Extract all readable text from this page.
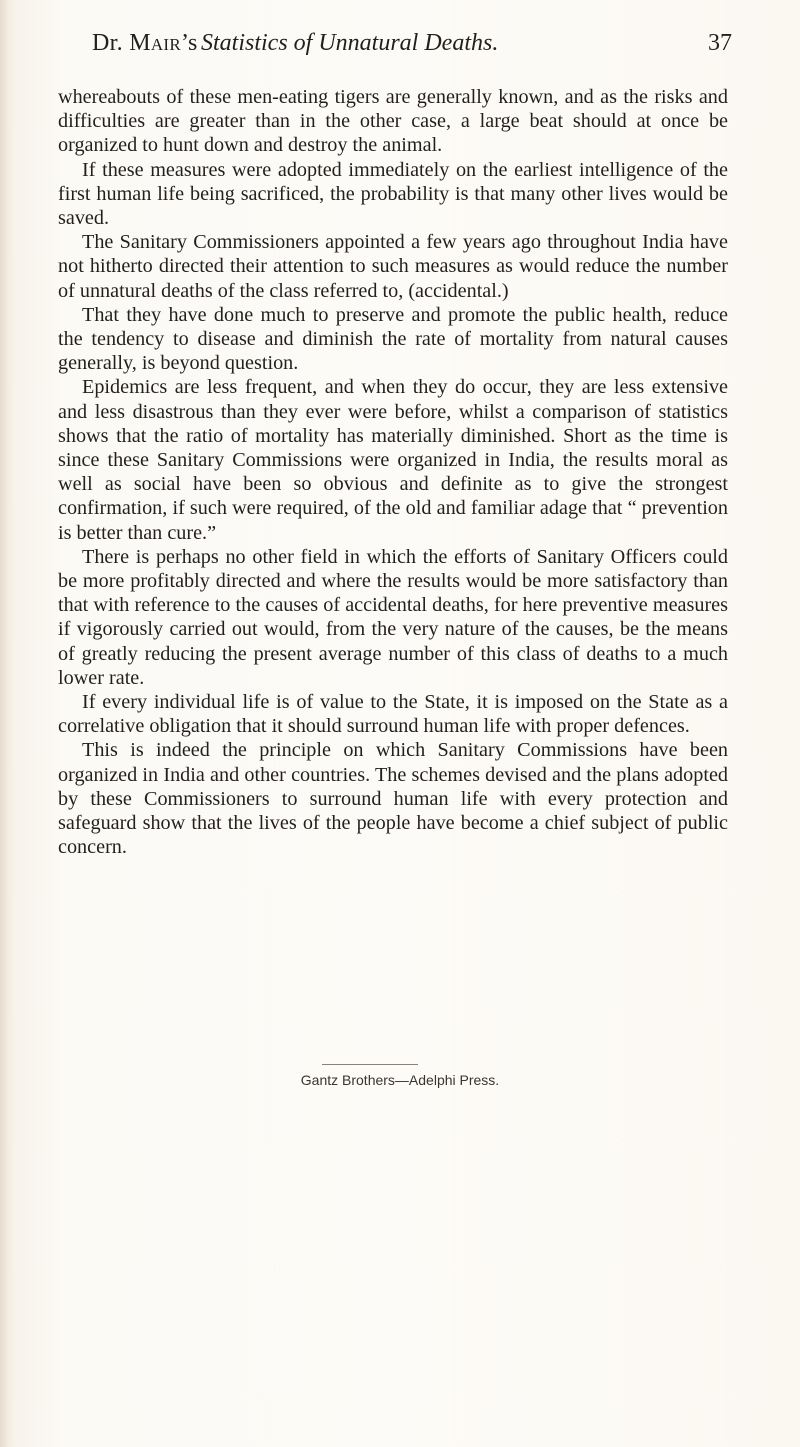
Dr. Mair’s Statistics of Unnatural Deaths.	37

whereabouts of these men-eating tigers are generally known, and as the risks and difficulties are greater than in the other case, a large beat should at once be organized to hunt down and destroy the animal.

If these measures were adopted immediately on the earliest intelligence of the first human life being sacrificed, the probability is that many other lives would be saved.

The Sanitary Commissioners appointed a few years ago throughout India have not hitherto directed their attention to such measures as would reduce the number of unnatural deaths of the class referred to, (accidental.)

That they have done much to preserve and promote the public health, reduce the tendency to disease and diminish the rate of mortality from natural causes generally, is beyond question.

Epidemics are less frequent, and when they do occur, they are less extensive and less disastrous than they ever were before, whilst a comparison of statistics shows that the ratio of mortality has materially diminished. Short as the time is since these Sanitary Commissions were organized in India, the results moral as well as social have been so obvious and definite as to give the strongest confirmation, if such were required, of the old and familiar adage that “ prevention is better than cure.”

There is perhaps no other field in which the efforts of Sanitary Officers could be more profitably directed and where the results would be more satisfactory than that with reference to the causes of accidental deaths, for here preventive measures if vigorously carried out would, from the very nature of the causes, be the means of greatly reducing the present average number of this class of deaths to a much lower rate.

If every individual life is of value to the State, it is imposed on the State as a correlative obligation that it should surround human life with proper defences.

This is indeed the principle on which Sanitary Commissions have been organized in India and other countries. The schemes devised and the plans adopted by these Commissioners to surround human life with every protection and safeguard show that the lives of the people have become a chief subject of public concern.

Gantz Brothers—Adelphi Press.
